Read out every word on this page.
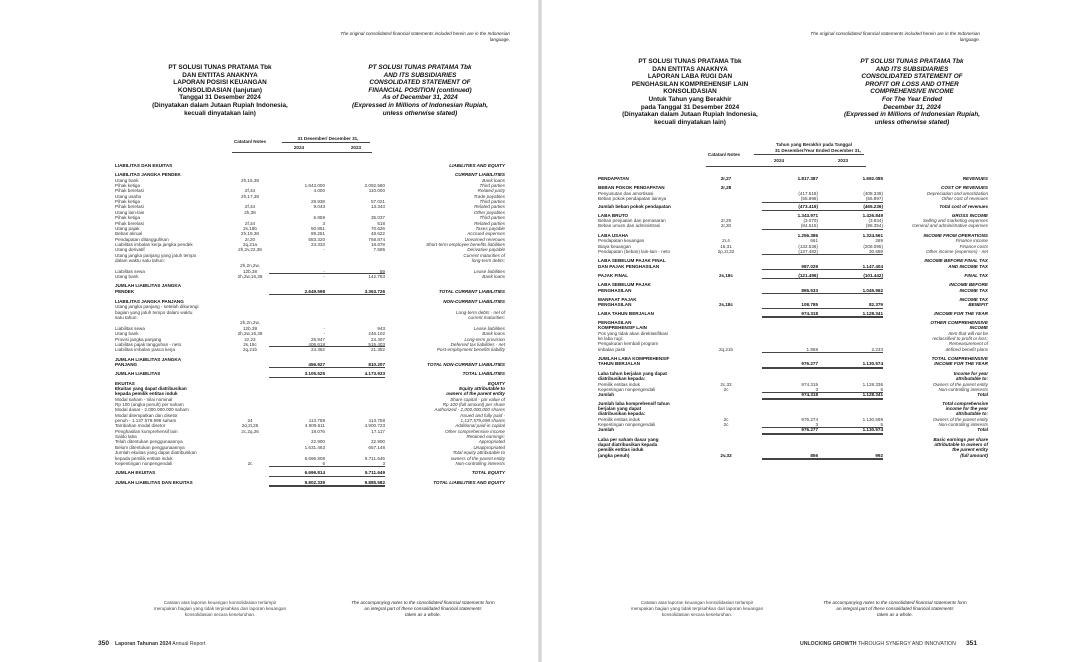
The original consolidated financial statements included herein are in the Indonesian language.
PT SOLUSI TUNAS PRATAMA Tbk
DAN ENTITAS ANAKNYA
LAPORAN POSISI KEUANGAN
KONSOLIDASIAN (lanjutan)
Tanggal 31 Desember 2024
(Dinyatakan dalam Jutaan Rupiah Indonesia,
kecuali dinyatakan lain)
PT SOLUSI TUNAS PRATAMA Tbk
AND ITS SUBSIDIARIES
CONSOLIDATED STATEMENT OF
FINANCIAL POSITION (continued)
As of December 31, 2024
(Expressed in Millions of Indonesian Rupiah,
unless otherwise stated)
Catatan/ Notes
31 Desember/ December 31,
2024	2023
LIABILITAS DAN EKUITAS	LIABILITIES AND EQUITY
LIABILITAS JANGKA PENDEK	CURRENT LIABILITIES
Utang bank	2h,16,38	Bank loans
Pihak ketiga	1.843.000	2.092.580	Third parties
Pihak berelasi	2f,34	4.000	110.000	Related party
Utang usaha	2h,17,38	Trade payables
Pihak ketiga	29.938	57.021	Third parties
Pihak berelasi	2f,34	9.043	13.343	Related parties
Utang lain-lain	2h,38	Other payables
Pihak ketiga	6.859	35.037	Third parties
Pihak berelasi	2f,34	3	518	Related parties
Utang pajak	2s,18b	50.851	70.626	Taxes payable
Beban akrual	2h,19,38	89.251	48.622	Accrued expenses
Pendapatan ditangguhkan	2r,20	583.320	768.874	Unearned revenues
Liabilitas imbalan kerja jangka pendek	2q,21a	23.333	18.678	Short-term employee benefits liabilities
Utang derivatif	2h,2v,22,38	-	7.595	Derivative payable
Utang jangka panjang yang jatuh tempo	Current maturities of
dalam waktu satu tahun:	long-term debts:
2h,2n,2w,
Liabilitas sewa	12b,38	-	59	Lease liabilities
Utang bank	2h,2w,16,38	-	142.783	Bank loans
JUMLAH LIABILITAS JANGKA
PENDEK	2.649.598	3.363.726	TOTAL CURRENT LIABILITIES
LIABILITAS JANGKA PANJANG	NON-CURRENT LIABILITIES
Utang jangka panjang - setelah dikurangi
bagian yang jatuh tempo dalam waktu	Long-term debts - net of
satu tahun:	current maturities:
2h,2n,2w,
Liabilitas sewa	12b,38	-	943	Lease liabilities
Utang bank	2h,2w,16,38	-	246.102	Bank loans
Provisi jangka panjang	2z,23	25.947	24.407	Long-term provision
Liabilitas pajak tangguhan - neto	2s,18c	406.618	515.403	Deferred tax liabilities - net
Liabilitas imbalan pasca kerja	2q,21b	24.362	21.352	Post-employment benefits liability
JUMLAH LIABILITAS JANGKA
PANJANG	456.927	810.207	TOTAL NON-CURRENT LIABILITIES
JUMLAH LIABILITAS	3.105.525	4.173.933	TOTAL LIABILITIES
EKUITAS	EQUITY
Ekuitas yang dapat diatribusikan	Equity attributable to
kepada pemilik entitas induk	owners of the parent entity
Modal saham - nilai nominal	Share capital - par value of
Rp 100 (angka penuh) per saham	Rp 100 (full amount) per share
Modal dasar - 2.000.000.000 saham	Authorized - 2,000,000,000 shares
Modal ditempatkan dan disetor	Issued and fully paid -
penuh - 1.137.579.698 saham	24	113.758	113.758	1,137,579,698 shares
Tambahan modal disetor	2d,2t,25	4.909.611	4.900.723	Additional paid-in capital
Penghasilan komprehensif lain	2c,2q,26	19.076	17.117	Other comprehensive income
Saldo laba	Retained earnings:
Telah ditentukan penggunaannya	22.900	22.900	Appropriated
Belum ditentukan penggunaannya	1.631.463	657.148	Unappropriated
Jumlah ekuitas yang dapat diatribusikan	Total equity attributable to
kepada pemilik entitas induk	6.696.808	5.711.646	owners of the parent entity
Kepentingan nonpengendali	2c	6	3	Non-controlling interests
JUMLAH EKUITAS	6.696.814	5.711.649	TOTAL EQUITY
JUMLAH LIABILITAS DAN EKUITAS	9.802.339	9.885.582	TOTAL LIABILITIES AND EQUITY
Catatan atas laporan keuangan konsolidasian terlampir
merupakan bagian yang tidak terpisahkan dari laporan keuangan
konsolidasian secara keseluruhan.
The accompanying notes to the consolidated financial statements form
an integral part of these consolidated financial statements
taken as a whole.
350 Laporan Tahunan 2024 Annual Report
The original consolidated financial statements included herein are in the Indonesian language.
PT SOLUSI TUNAS PRATAMA Tbk
DAN ENTITAS ANAKNYA
LAPORAN LABA RUGI DAN
PENGHASILAN KOMPREHENSIF LAIN
KONSOLIDASIAN
Untuk Tahun yang Berakhir
pada Tanggal 31 Desember 2024
(Dinyatakan dalam Jutaan Rupiah Indonesia,
kecuali dinyatakan lain)
PT SOLUSI TUNAS PRATAMA Tbk
AND ITS SUBSIDIARIES
CONSOLIDATED STATEMENT OF
PROFIT OR LOSS AND OTHER
COMPREHENSIVE INCOME
For The Year Ended
December 31, 2024
(Expressed in Millions of Indonesian Rupiah,
unless otherwise stated)
Catatan/ Notes
Tahun yang Berakhir pada Tanggal
31 Desember/Year Ended December 31,
2024	2023
PENDAPATAN	2r,27	1.817.387	1.692.085	REVENUES
BEBAN POKOK PENDAPATAN	2r,28	COST OF REVENUES
Penyusutan dan amortisasi	(417.518)	(408.339)	Depreciation and amortization
Beban pokok pendapatan lainnya	(55.898)	(56.897)	Other cost of revenues
Jumlah beban pokok pendapatan	(473.416)	(465.236)	Total cost of revenues
LABA BRUTO	1.343.971	1.426.849	GROSS INCOME
Beban penjualan dan pemasaran	2r,29	(3.070)	(3.934)	Selling and marketing expenses
Beban umum dan administrasi	2r,30	(84.515)	(98.354)	General and administrative expenses
LABA USAHA	1.256.386	1.324.561	INCOME FROM OPERATIONS
Pendapatan keuangan	2r,4	661	269	Finance income
Biaya keuangan	16,31	(132.536)	(208.095)	Finance costs
Pendapatan (beban) lain-lain - neto	2p,2r,32	(137.482)	30.669	Other income (expenses) - net
LABA SEBELUM PAJAK FINAL	INCOME BEFORE FINAL TAX
DAN PAJAK PENGHASILAN	987.029	1.147.404	AND INCOME TAX
PAJAK FINAL	2s,18c	(121.496)	(101.442)	FINAL TAX
LABA SEBELUM PAJAK	INCOME BEFORE
PENGHASILAN	865.533	1.045.962	INCOME TAX
MANFAAT PAJAK	INCOME TAX
PENGHASILAN	2s,18c	108.785	82.379	BENEFIT
LABA TAHUN BERJALAN	974.318	1.128.341	INCOME FOR THE YEAR
PENGHASILAN	OTHER COMPREHENSIVE
KOMPREHENSIF LAIN	INCOME
Pos yang tidak akan direklasifikasi	Item that will not be
ke laba rugi:	reclassified to profit or loss:
Pengukuran kembali program	Remeasurement of
imbalan pasti	2q,21b	1.959	2.233	defined benefit plans
JUMLAH LABA KOMPREHENSIF	TOTAL COMPREHENSIVE
TAHUN BERJALAN	976.277	1.130.574	INCOME FOR THE YEAR
Laba tahun berjalan yang dapat	Income for year
diatribusikan kepada:	attributable to:
Pemilik entitas induk	2c,33	974.315	1.128.336	Owners of the parent entity
Kepentingan nonpengendali	2c	3	5	Non-controlling interests
Jumlah	974.318	1.128.341	Total
Jumlah laba komprehensif tahun	Total comprehensive
berjalan yang dapat	income for the year
diatribusikan kepada:	attributable to:
Pemilik entitas induk	2c	976.274	1.130.569	Owners of the parent entity
Kepentingan nonpengendali	2c	3	5	Non-controlling interests
Jumlah	976.277	1.130.574	Total
Laba per saham dasar yang	Basic earnings per share
dapat diatribusikan kepada	attributable to owners of
pemilik entitas induk	the parent entity
(angka penuh)	2v,33	856	992	(full amount)
Catatan atas laporan keuangan konsolidasian terlampir
merupakan bagian yang tidak terpisahkan dari laporan keuangan
konsolidasian secara keseluruhan.
The accompanying notes to the consolidated financial statements form
an integral part of these consolidated financial statements
taken as a whole.
UNLOCKING GROWTH THROUGH SYNERGY AND INNOVATION 351
